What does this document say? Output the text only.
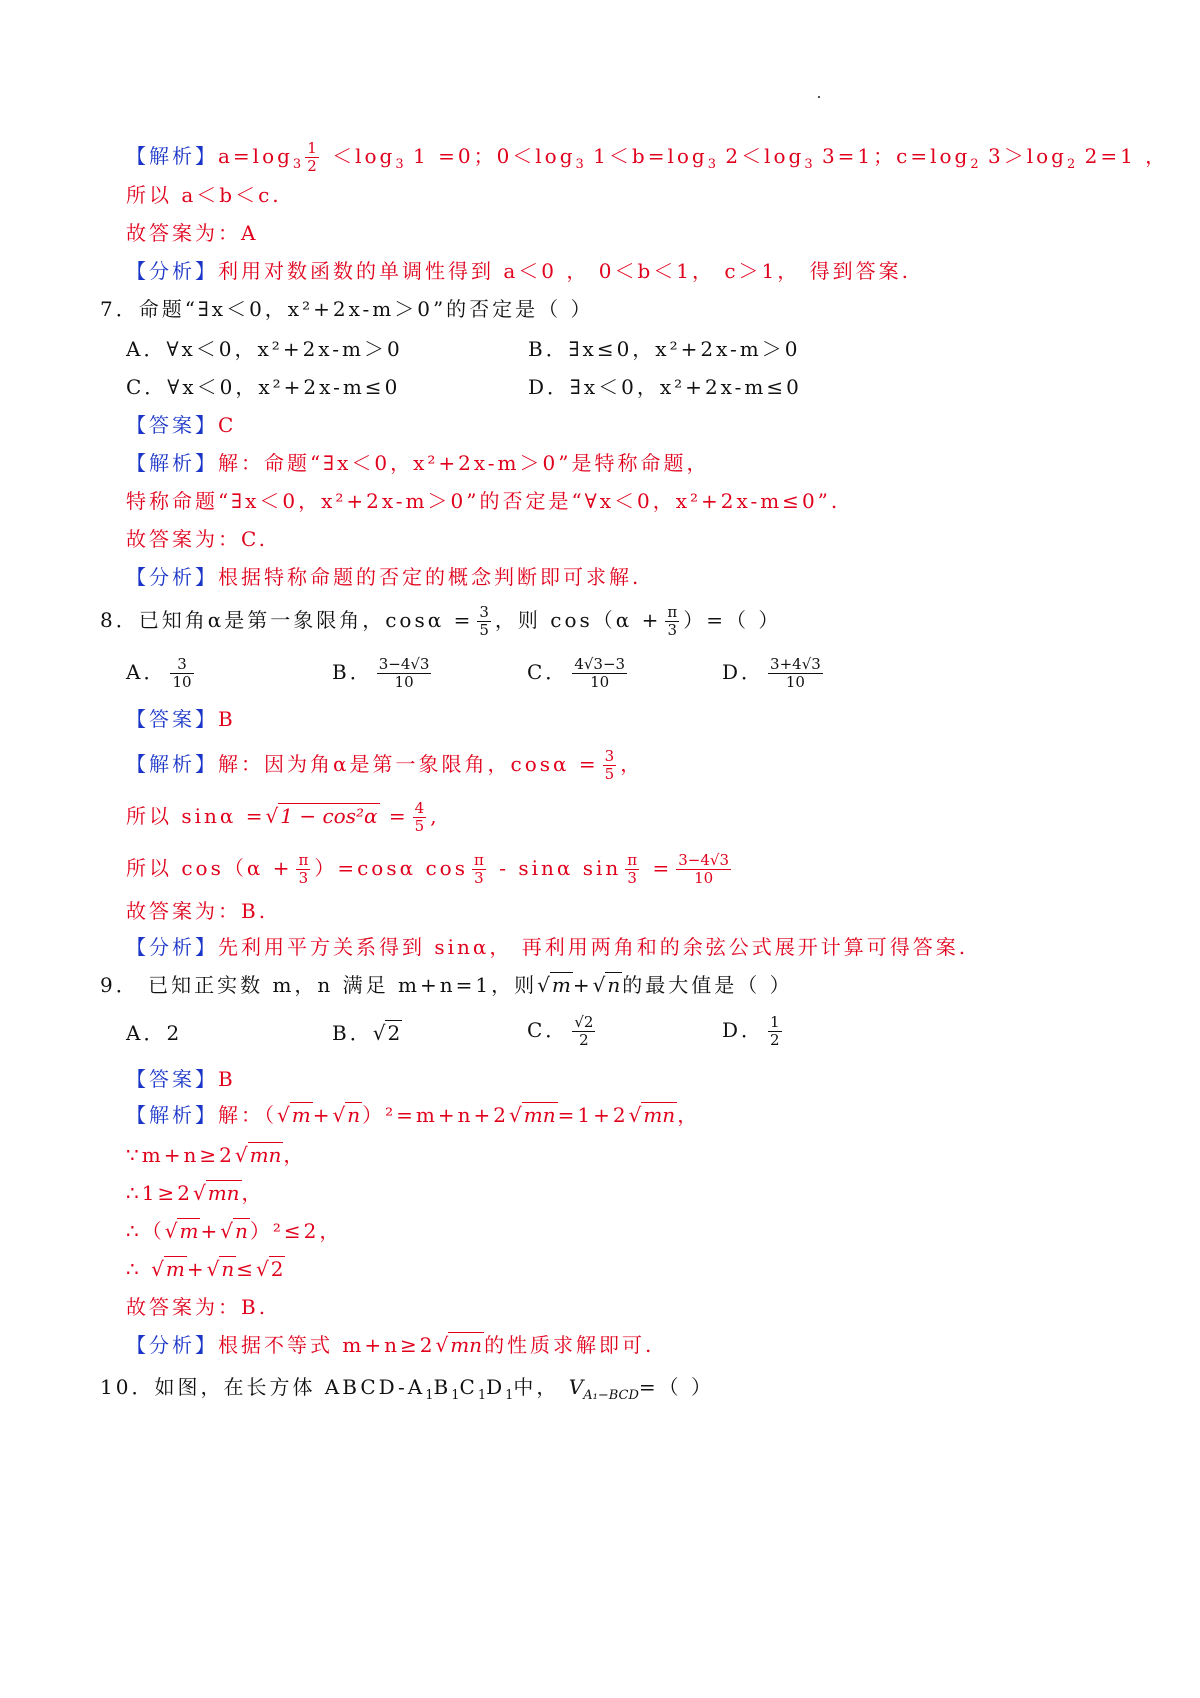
【解析】$a=\log_3 \frac{1}{2} <\log_3$ 1 =0；$0<\log_3$ $1<b=\log_3$ $2<\log_3$ 3=1；$c=\log_2$ $3>\log_2$ 2=1 ，
所以 a＜b＜c.
故答案为：A
【分析】利用对数函数的单调性得到 a＜0 ， 0＜b＜1， c＞1， 得到答案.
7．命题“∃x＜0，x²+2x-m＞0”的否定是（ ）
A．∀x＜0，x²+2x-m＞0	B．∃x≤0，x²+2x-m＞0
C．∀x＜0，x²+2x-m≤0	D．∃x＜0，x²+2x-m≤0
【答案】C
【解析】解：命题“∃x＜0，x²+2x-m＞0”是特称命题，
特称命题“∃x＜0，x²+2x-m＞0”的否定是“∀x＜0，x²+2x-m≤0”.
故答案为：C.
【分析】根据特称命题的否定的概念判断即可求解.
8．已知角α是第一象限角，$\cos\alpha = \frac{3}{5}$ ，则 $\cos(\alpha + \frac{\pi}{3}$ ）=（ ）
A． $\frac{3}{10}$	B． $\frac{3-4√3}{10}$	C． $\frac{4√3-3}{10}$	D． $\frac{3+4√3}{10}$
【答案】B
【解析】解：因为角α是第一象限角，$\cos\alpha = \frac{3}{5}$ ，
所以 sinα =√ $1 - \cos^2\alpha = \frac{4}{5}$ ,
所以 $\cos(\alpha + \frac{\pi}{3} )=\cos\alpha$ $\cos \frac{\pi}{3}$ - sinα $\sin \frac{\pi}{3} = \frac{3-4√3}{10}$
故答案为：B.
【分析】先利用平方关系得到 sinα， 再利用两角和的余弦公式展开计算可得答案.
9． 已知正实数 m，n 满足 m+n=1，则√ m +√ n 的最大值是（ ）
A．2	B．√ 2	C． $\frac{√2}{2}$	D． $\frac{1}{2}$
【答案】B
【解析】解：（√ m +√ n ）²=m+n+2√ mn =1+2√ mn ，
∵m+n≥2√ mn ，
∴1≥2√ mn ，
∴（√ m +√ n ）²≤2，
∴ √ m +√ n ≤√ 2
故答案为：B.
【分析】根据不等式 m+n≥2√ mn 的性质求解即可.
10．如图，在长方体 ABCD-$A_1B_1C_1D_1$中， $V_{A_1-BCD}=$（ ）
